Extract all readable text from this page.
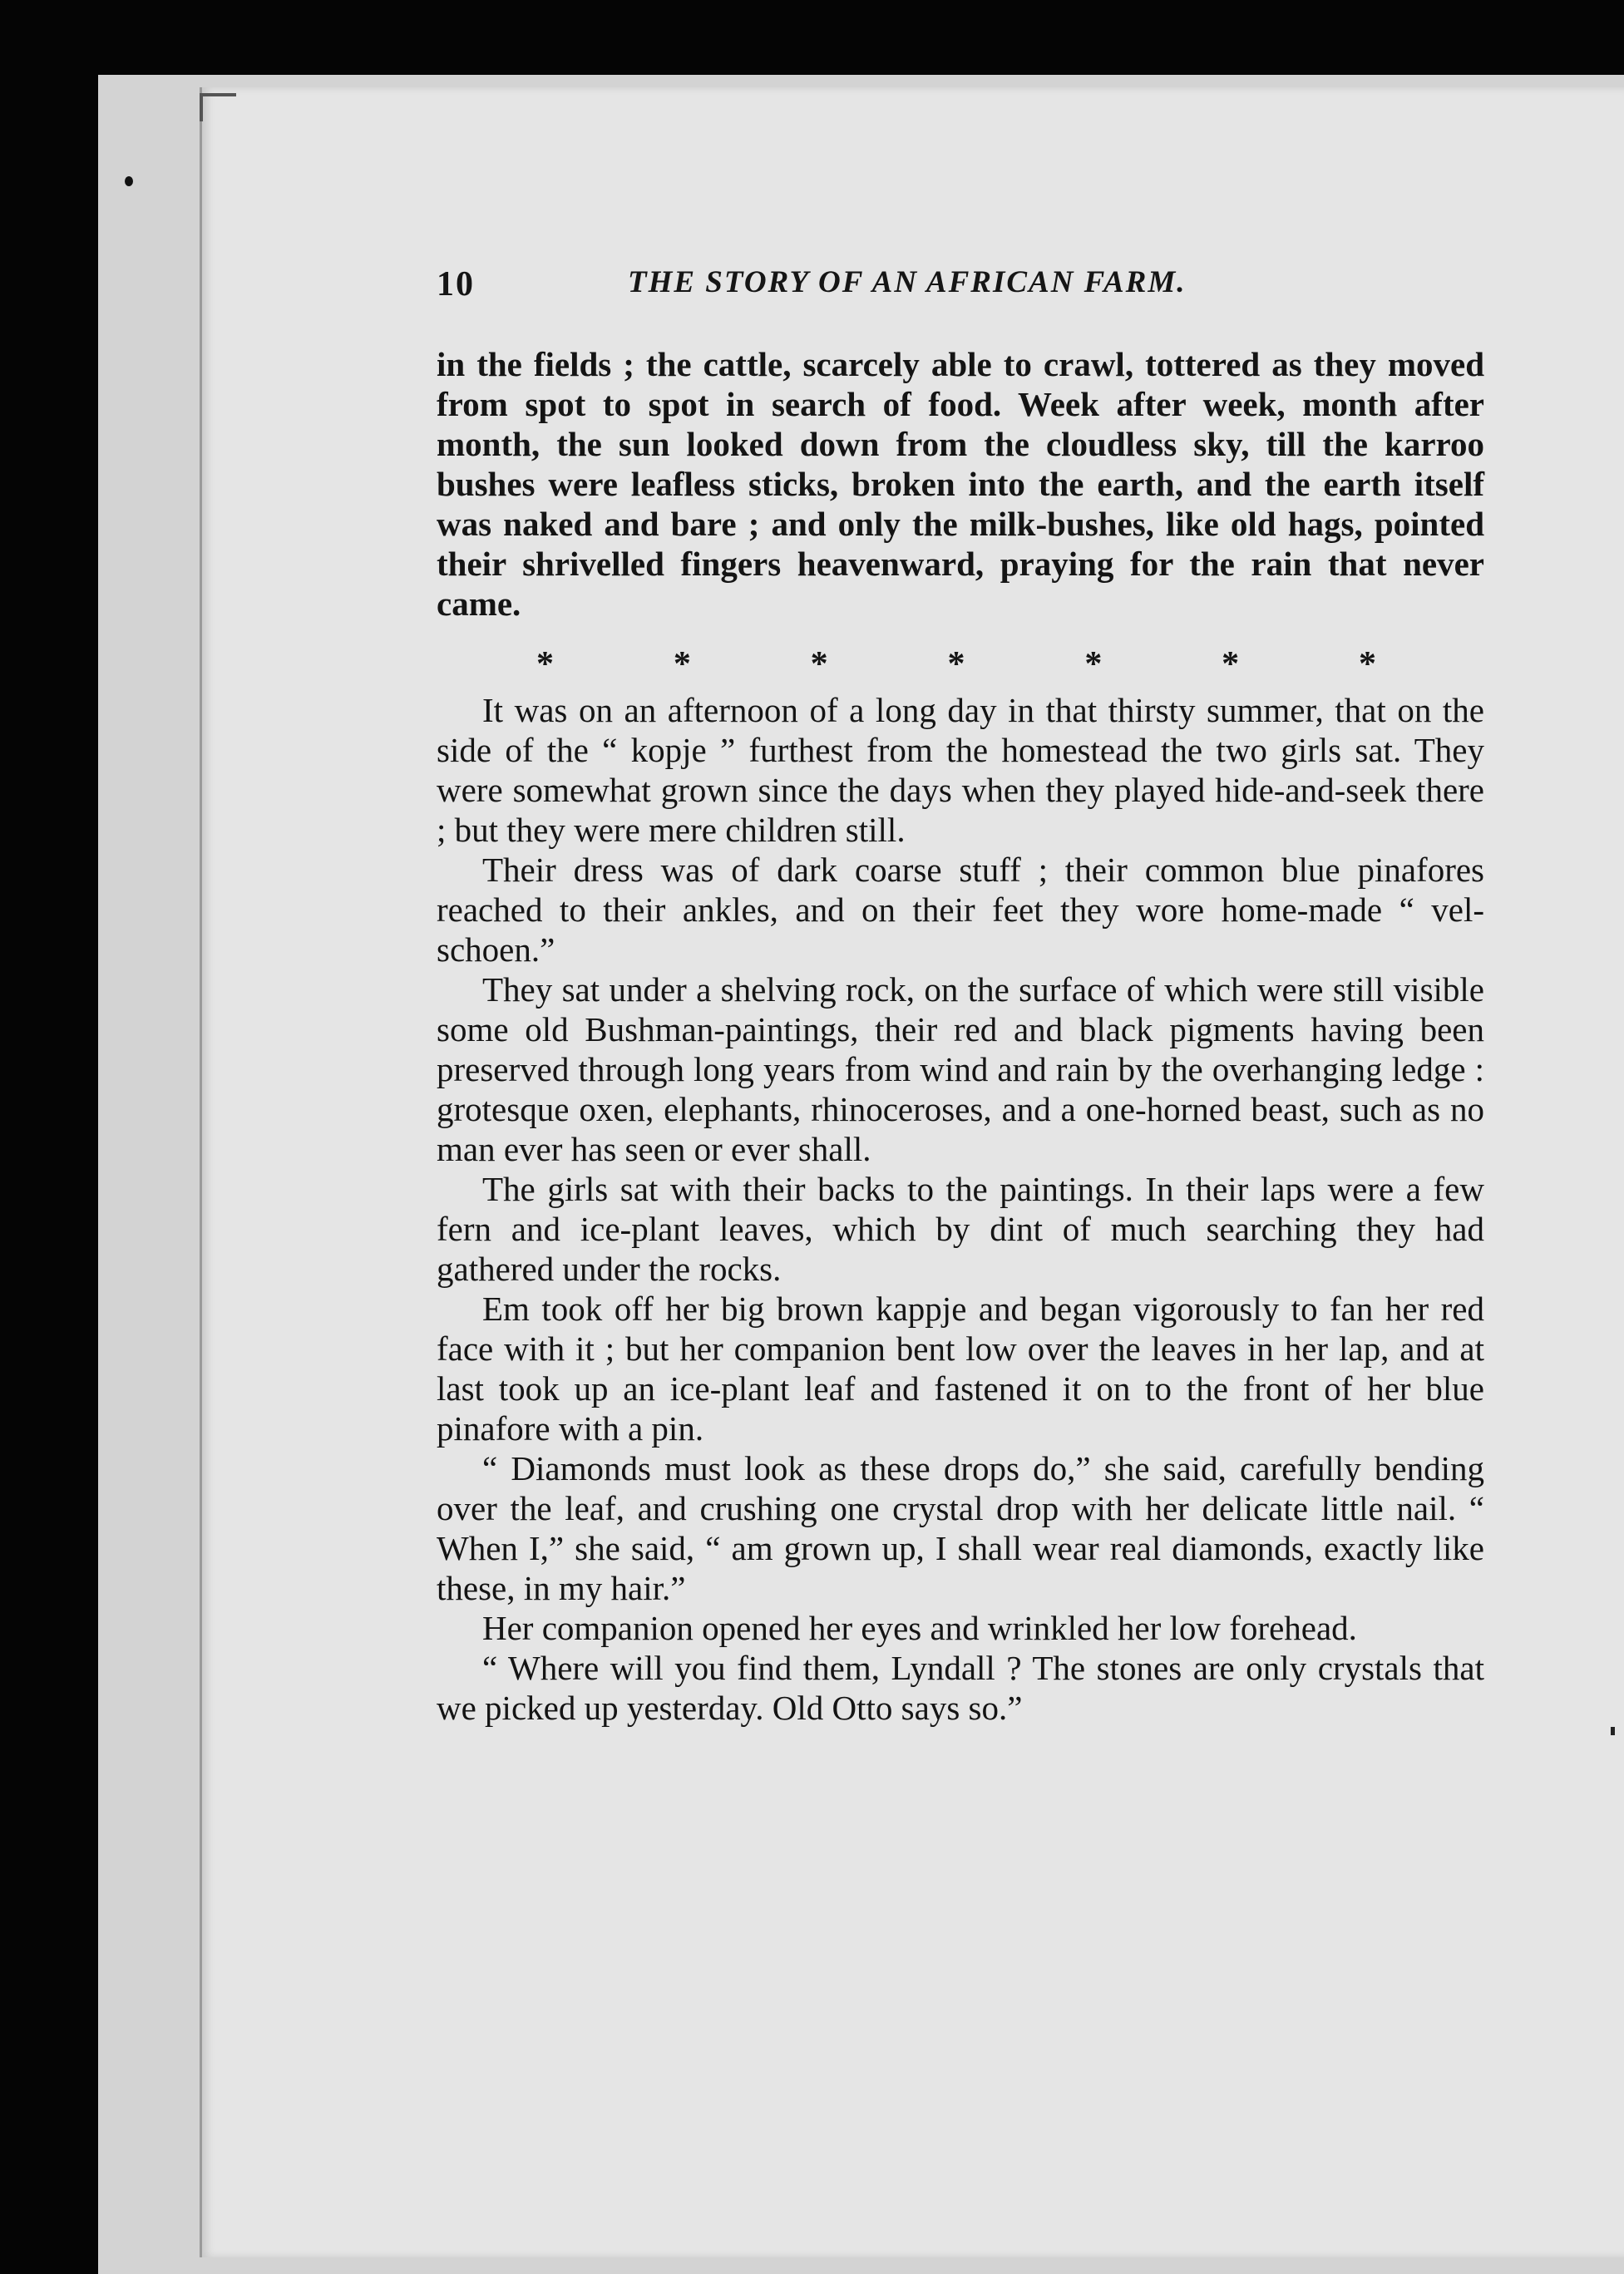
10	THE STORY OF AN AFRICAN FARM.

in the fields ; the cattle, scarcely able to crawl, tottered as they moved from spot to spot in search of food. Week after week, month after month, the sun looked down from the cloudless sky, till the karroo bushes were leafless sticks, broken into the earth, and the earth itself was naked and bare ; and only the milk-bushes, like old hags, pointed their shrivelled fingers heavenward, praying for the rain that never came.

*	*	*	*	*	*	*

It was on an afternoon of a long day in that thirsty summer, that on the side of the “ kopje ” furthest from the homestead the two girls sat. They were somewhat grown since the days when they played hide-and-seek there ; but they were mere children still.

Their dress was of dark coarse stuff ; their common blue pinafores reached to their ankles, and on their feet they wore home-made “ vel-schoen.”

They sat under a shelving rock, on the surface of which were still visible some old Bushman-paintings, their red and black pigments having been preserved through long years from wind and rain by the overhanging ledge : grotesque oxen, elephants, rhinoceroses, and a one-horned beast, such as no man ever has seen or ever shall.

The girls sat with their backs to the paintings. In their laps were a few fern and ice-plant leaves, which by dint of much searching they had gathered under the rocks.

Em took off her big brown kappje and began vigorously to fan her red face with it ; but her companion bent low over the leaves in her lap, and at last took up an ice-plant leaf and fastened it on to the front of her blue pinafore with a pin.

“ Diamonds must look as these drops do,” she said, carefully bending over the leaf, and crushing one crystal drop with her delicate little nail. “ When I,” she said, “ am grown up, I shall wear real diamonds, exactly like these, in my hair.”

Her companion opened her eyes and wrinkled her low forehead.

“ Where will you find them, Lyndall ? The stones are only crystals that we picked up yesterday. Old Otto says so.”
